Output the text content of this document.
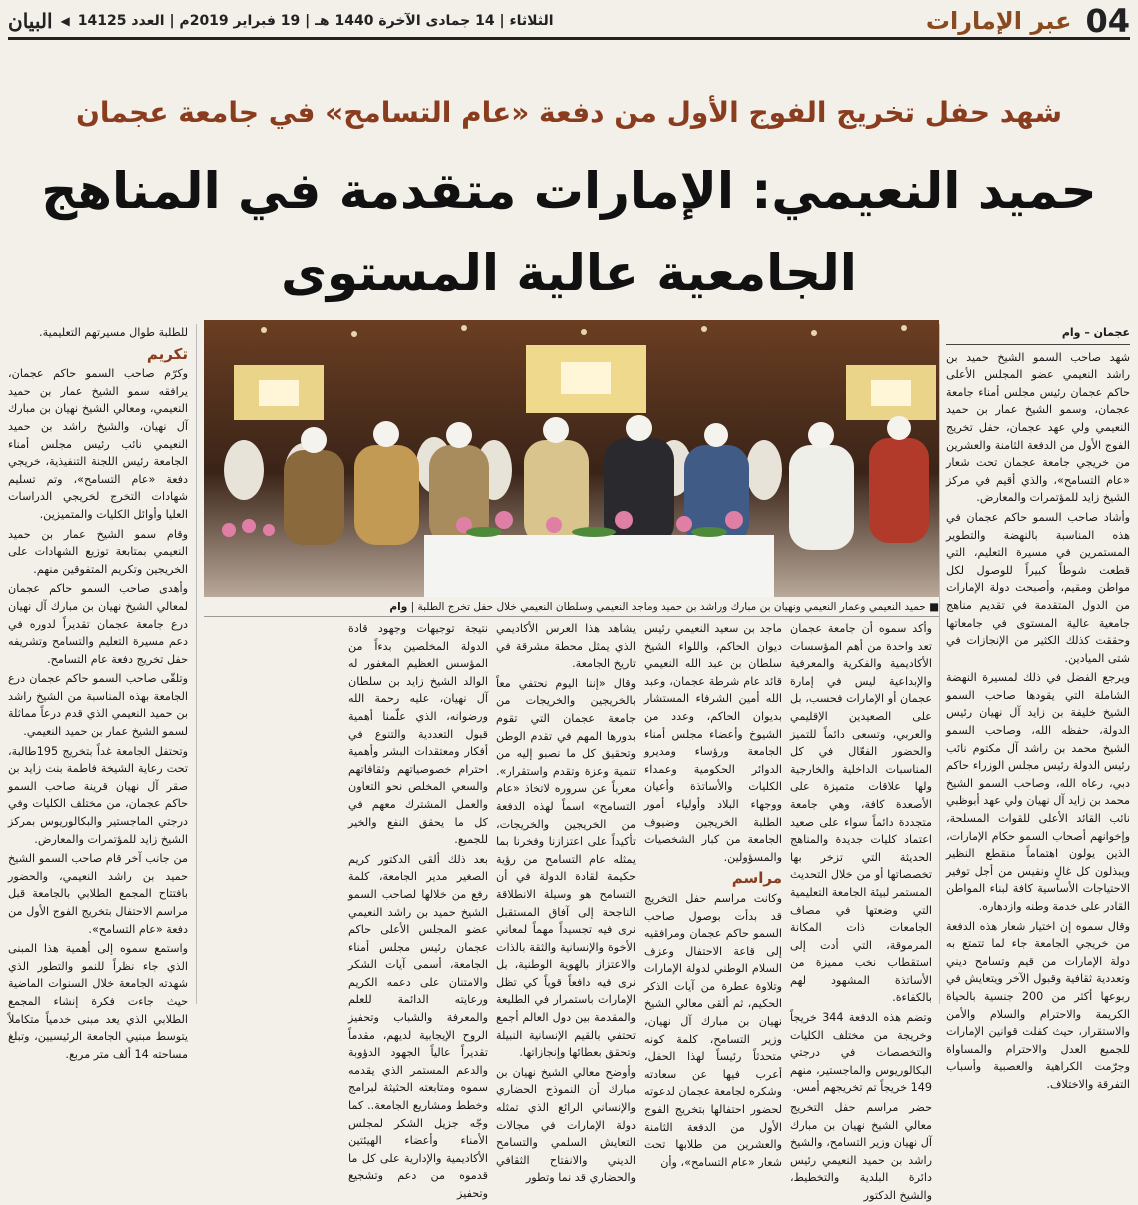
04
عبر الإمارات
الثلاثاء | 14 جمادى الآخرة 1440 هـ | 19 فبراير 2019م | العدد 14125
◀
البيان
شهد حفل تخريج الفوج الأول من دفعة «عام التسامح» في جامعة عجمان
حميد النعيمي: الإمارات متقدمة في المناهج
الجامعية عالية المستوى
عجمان – وام

شهد صاحب السمو الشيخ حميد بن راشد النعيمي عضو المجلس الأعلى حاكم عجمان رئيس مجلس أمناء جامعة عجمان، وسمو الشيخ عمار بن حميد النعيمي ولي عهد عجمان، حفل تخريج الفوج الأول من الدفعة الثامنة والعشرين من خريجي جامعة عجمان تحت شعار «عام التسامح»، والذي أقيم في مركز الشيخ زايد للمؤتمرات والمعارض.

وأشاد صاحب السمو حاكم عجمان في هذه المناسبة بالنهضة والتطوير المستمرين في مسيرة التعليم، التي قطعت شوطاً كبيراً للوصول لكل مواطن ومقيم، وأصبحت دولة الإمارات من الدول المتقدمة في تقديم مناهج جامعية عالية المستوى في جامعاتها وحققت كذلك الكثير من الإنجازات في شتى الميادين.

ويرجع الفضل في ذلك لمسيرة النهضة الشاملة التي يقودها صاحب السمو الشيخ خليفة بن زايد آل نهيان رئيس الدولة، حفظه الله، وصاحب السمو الشيخ محمد بن راشد آل مكتوم نائب رئيس الدولة رئيس مجلس الوزراء حاكم دبي، رعاه الله، وصاحب السمو الشيخ محمد بن زايد آل نهيان ولي عهد أبوظبي نائب القائد الأعلى للقوات المسلحة، وإخوانهم أصحاب السمو حكام الإمارات، الذين يولون اهتماماً منقطع النظير ويبذلون كل غالٍ ونفيس من أجل توفير الاحتياجات الأساسية كافة لبناء المواطن القادر على خدمة وطنه وازدهاره.

وقال سموه إن اختيار شعار هذه الدفعة من خريجي الجامعة جاء لما تتمتع به دولة الإمارات من قيم وتسامح ديني وتعددية ثقافية وقبول الآخر ويتعايش في ربوعها أكثر من 200 جنسية بالحياة الكريمة والاحترام والسلام والأمن والاستقرار، حيث كفلت قوانين الإمارات للجميع العدل والاحترام والمساواة وجرّمت الكراهية والعصبية وأسباب التفرقة والاختلاف.

■ حميد النعيمي وعمار النعيمي ونهيان بن مبارك وراشد بن حميد وماجد النعيمي وسلطان النعيمي خلال حفل تخرج الطلبة | وام

وأكد سموه أن جامعة عجمان تعد واحدة من أهم المؤسسات الأكاديمية والفكرية والمعرفية والإبداعية ليس في إمارة عجمان أو الإمارات فحسب، بل على الصعيدين الإقليمي والعربي، وتسعى دائماً للتميز والحضور الفعّال في كل المناسبات الداخلية والخارجية ولها علاقات متميزة على الأصعدة كافة، وهي جامعة متجددة دائماً سواء على صعيد اعتماد كليات جديدة والمناهج الحديثة التي تزخر بها تخصصاتها أو من خلال التحديث المستمر لبيئة الجامعة التعليمية التي وضعتها في مصاف الجامعات ذات المكانة المرموقة، التي أدت إلى استقطاب نخب مميزة من الأساتذة المشهود لهم بالكفاءة.

وتضم هذه الدفعة 344 خريجاً وخريجة من مختلف الكليات والتخصصات في درجتي البكالوريوس والماجستير، منهم 149 خريجاً تم تخريجهم أمس.

حضر مراسم حفل التخريج معالي الشيخ نهيان بن مبارك آل نهيان وزير التسامح، والشيخ راشد بن حميد النعيمي رئيس دائرة البلدية والتخطيط، والشيخ الدكتور

ماجد بن سعيد النعيمي رئيس ديوان الحاكم، واللواء الشيخ سلطان بن عبد الله النعيمي قائد عام شرطة عجمان، وعبد الله أمين الشرفاء المستشار بديوان الحاكم، وعدد من الشيوخ وأعضاء مجلس أمناء الجامعة ورؤساء ومديرو الدوائر الحكومية وعمداء الكليات والأساتذة وأعيان ووجهاء البلاد وأولياء أمور الطلبة الخريجين وضيوف الجامعة من كبار الشخصيات والمسؤولين.

مراسم

وكانت مراسم حفل التخريج قد بدأت بوصول صاحب السمو حاكم عجمان ومرافقيه إلى قاعة الاحتفال وعزف السلام الوطني لدولة الإمارات وتلاوة عطرة من آيات الذكر الحكيم، ثم ألقى معالي الشيخ نهيان بن مبارك آل نهيان، وزير التسامح، كلمة كونه متحدثاً رئيساً لهذا الحفل، أعرب فيها عن سعادته وشكره لجامعة عجمان لدعوته لحضور احتفالها بتخريج الفوج الأول من الدفعة الثامنة والعشرين من طلابها تحت شعار «عام التسامح»، وأن

يشاهد هذا العرس الأكاديمي الذي يمثل محطة مشرقة في تاريخ الجامعة.

وقال «إننا اليوم نحتفي معاً بالخريجين والخريجات من جامعة عجمان التي تقوم بدورها المهم في تقدم الوطن وتحقيق كل ما نصبو إليه من تنمية وعزة وتقدم واستقرار». معرباً عن سروره لاتخاذ «عام التسامح» اسماً لهذه الدفعة من الخريجين والخريجات، تأكيداً على اعتزازنا وفخرنا بما يمثله عام التسامح من رؤية حكيمة لقادة الدولة في أن التسامح هو وسيلة الانطلاقة الناجحة إلى آفاق المستقبل نرى فيه تجسيداً مهماً لمعاني الأخوة والإنسانية والثقة بالذات والاعتزاز بالهوية الوطنية، بل نرى فيه دافعاً قوياً كي تظل الإمارات باستمرار في الطليعة والمقدمة بين دول العالم أجمع تحتفي بالقيم الإنسانية النبيلة وتحقق بعطائها وإنجازاتها.

وأوضح معالي الشيخ نهيان بن مبارك أن النموذج الحضاري والإنساني الرائع الذي تمثله دولة الإمارات في مجالات التعايش السلمي والتسامح الديني والانفتاح الثقافي والحضاري قد نما وتطور

نتيجة توجيهات وجهود قادة الدولة المخلصين بدءاً من المؤسس العظيم المغفور له الوالد الشيخ زايد بن سلطان آل نهيان، عليه رحمة الله ورضوانه، الذي علّمنا أهمية قبول التعددية والتنوع في أفكار ومعتقدات البشر وأهمية احترام خصوصياتهم وثقافاتهم والسعي المخلص نحو التعاون والعمل المشترك معهم في كل ما يحقق النفع والخير للجميع.

بعد ذلك ألقى الدكتور كريم الصغير مدير الجامعة، كلمة رفع من خلالها لصاحب السمو الشيخ حميد بن راشد النعيمي عضو المجلس الأعلى حاكم عجمان رئيس مجلس أمناء الجامعة، أسمى آيات الشكر والامتنان على دعمه الكريم ورعايته الدائمة للعلم والمعرفة والشباب وتحفيز الروح الإيجابية لديهم، مقدماً تقديراً عالياً الجهود الدؤوبة والدعم المستمر الذي يقدمه سموه ومتابعته الحثيثة لبرامج وخطط ومشاريع الجامعة.. كما وجّه جزيل الشكر لمجلس الأمناء وأعضاء الهيئتين الأكاديمية والإدارية على كل ما قدموه من دعم وتشجيع وتحفيز

للطلبة طوال مسيرتهم التعليمية.

تكريم

وكرّم صاحب السمو حاكم عجمان، يرافقه سمو الشيخ عمار بن حميد النعيمي، ومعالي الشيخ نهيان بن مبارك آل نهيان، والشيخ راشد بن حميد النعيمي نائب رئيس مجلس أمناء الجامعة رئيس اللجنة التنفيذية، خريجي دفعة «عام التسامح»، وتم تسليم شهادات التخرج لخريجي الدراسات العليا وأوائل الكليات والمتميزين.

وقام سمو الشيخ عمار بن حميد النعيمي بمتابعة توزيع الشهادات على الخريجين وتكريم المتفوقين منهم.

وأهدى صاحب السمو حاكم عجمان لمعالي الشيخ نهيان بن مبارك آل نهيان درع جامعة عجمان تقديراً لدوره في دعم مسيرة التعليم والتسامح وتشريفه حفل تخريج دفعة عام التسامح.

وتلقّى صاحب السمو حاكم عجمان درع الجامعة بهذه المناسبة من الشيخ راشد بن حميد النعيمي الذي قدم درعاً مماثلة لسمو الشيخ عمار بن حميد النعيمي.

وتحتفل الجامعة غداً بتخريج 195طالبة، تحت رعاية الشيخة فاطمة بنت زايد بن صقر آل نهيان قرينة صاحب السمو حاكم عجمان، من مختلف الكليات وفي درجتي الماجستير والبكالوريوس بمركز الشيخ زايد للمؤتمرات والمعارض.

من جانب آخر قام صاحب السمو الشيخ حميد بن راشد النعيمي، والحضور بافتتاح المجمع الطلابي بالجامعة قبل مراسم الاحتفال بتخريج الفوج الأول من دفعة «عام التسامح».

واستمع سموه إلى أهمية هذا المبنى الذي جاء نظراً للنمو والتطور الذي شهدته الجامعة خلال السنوات الماضية حيث جاءت فكرة إنشاء المجمع الطلابي الذي يعد مبنى خدمياً متكاملاً يتوسط مبنيي الجامعة الرئيسيين، وتبلغ مساحته 14 ألف متر مربع.
